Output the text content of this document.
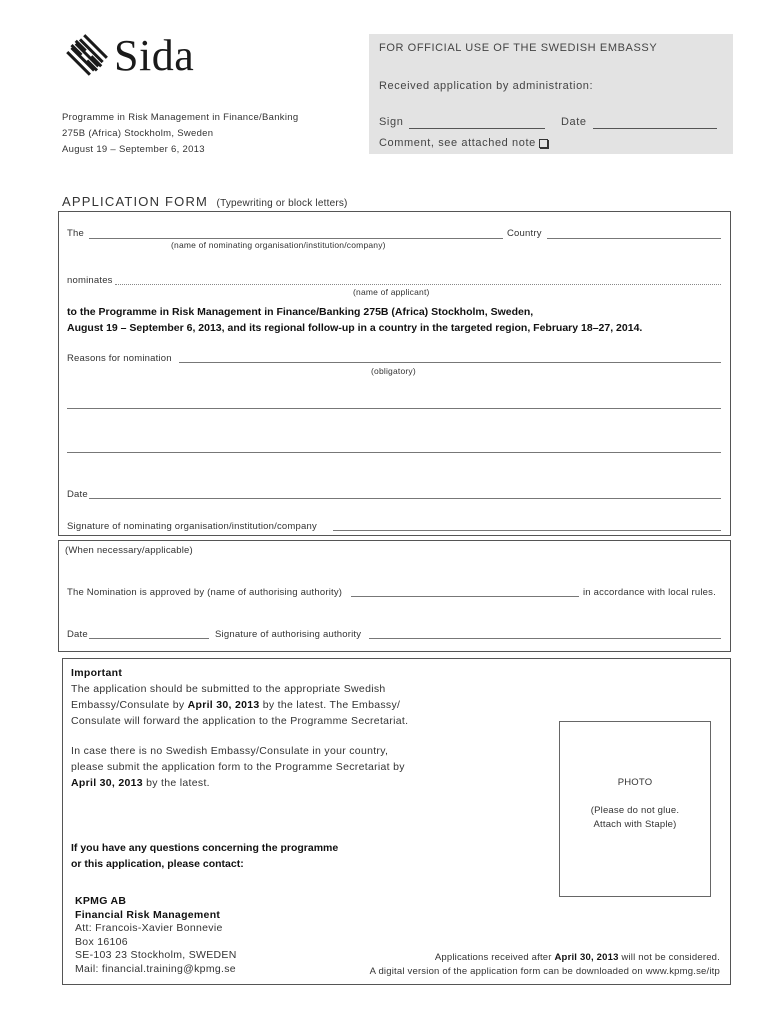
Sida
Programme in Risk Management in Finance/Banking
275B (Africa) Stockholm, Sweden
August 19 – September 6, 2013
FOR OFFICIAL USE OF THE SWEDISH EMBASSY
Received application by administration:
Sign	Date
Comment, see attached note
APPLICATION FORM (Typewriting or block letters)
The	Country
(name of nominating organisation/institution/company)
nominates
(name of applicant)
to the Programme in Risk Management in Finance/Banking 275B (Africa) Stockholm, Sweden,
August 19 – September 6, 2013, and its regional follow-up in a country in the targeted region, February 18–27, 2014.
Reasons for nomination
(obligatory)
Date
Signature of nominating organisation/institution/company
(When necessary/applicable)
The Nomination is approved by (name of authorising authority)	in accordance with local rules.
Date	Signature of authorising authority
Important
The application should be submitted to the appropriate Swedish
Embassy/Consulate by April 30, 2013 by the latest. The Embassy/
Consulate will forward the application to the Programme Secretariat.
In case there is no Swedish Embassy/Consulate in your country,
please submit the application form to the Programme Secretariat by
April 30, 2013 by the latest.
If you have any questions concerning the programme
or this application, please contact:
KPMG AB
Financial Risk Management
Att: Francois-Xavier Bonnevie
Box 16106
SE-103 23 Stockholm, SWEDEN
Mail: financial.training@kpmg.se
PHOTO
(Please do not glue.
Attach with Staple)
Applications received after April 30, 2013 will not be considered.
A digital version of the application form can be downloaded on www.kpmg.se/itp
